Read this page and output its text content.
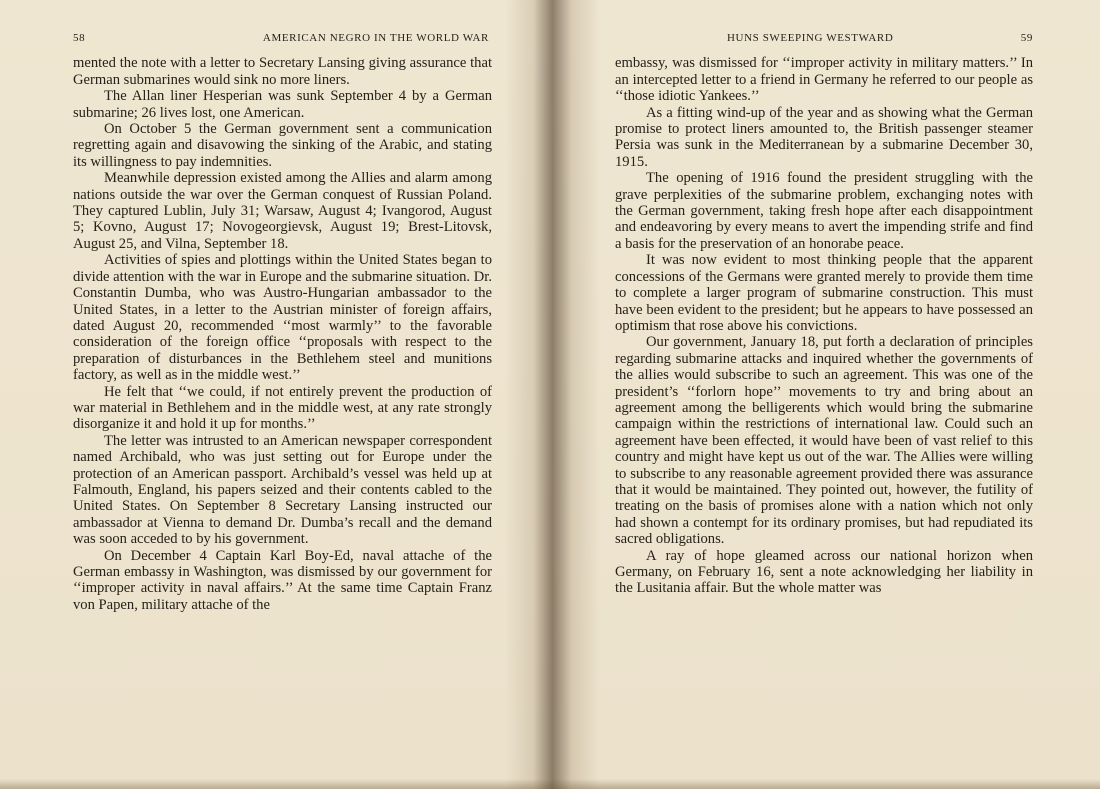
58	AMERICAN NEGRO IN THE WORLD WAR

mented the note with a letter to Secretary Lansing giving assurance that German submarines would sink no more liners.

The Allan liner Hesperian was sunk September 4 by a German submarine; 26 lives lost, one American.

On October 5 the German government sent a communication regretting again and disavowing the sinking of the Arabic, and stating its willingness to pay indemnities.

Meanwhile depression existed among the Allies and alarm among nations outside the war over the German conquest of Russian Poland. They captured Lublin, July 31; Warsaw, August 4; Ivangorod, August 5; Kovno, August 17; Novogeorgievsk, August 19; Brest-Litovsk, August 25, and Vilna, September 18.

Activities of spies and plottings within the United States began to divide attention with the war in Europe and the submarine situation. Dr. Constantin Dumba, who was Austro-Hungarian ambassador to the United States, in a letter to the Austrian minister of foreign affairs, dated August 20, recommended ‘‘most warmly’’ to the favorable consideration of the foreign office ‘‘proposals with respect to the preparation of disturbances in the Bethlehem steel and munitions factory, as well as in the middle west.’’

He felt that ‘‘we could, if not entirely prevent the production of war material in Bethlehem and in the middle west, at any rate strongly disorganize it and hold it up for months.’’

The letter was intrusted to an American newspaper correspondent named Archibald, who was just setting out for Europe under the protection of an American passport. Archibald’s vessel was held up at Falmouth, England, his papers seized and their contents cabled to the United States. On September 8 Secretary Lansing instructed our ambassador at Vienna to demand Dr. Dumba’s recall and the demand was soon acceded to by his government.

On December 4 Captain Karl Boy-Ed, naval attache of the German embassy in Washington, was dismissed by our government for ‘‘improper activity in naval affairs.’’ At the same time Captain Franz von Papen, military attache of the

HUNS SWEEPING WESTWARD	59

embassy, was dismissed for ‘‘improper activity in military matters.’’ In an intercepted letter to a friend in Germany he referred to our people as ‘‘those idiotic Yankees.’’

As a fitting wind-up of the year and as showing what the German promise to protect liners amounted to, the British passenger steamer Persia was sunk in the Mediterranean by a submarine December 30, 1915.

The opening of 1916 found the president struggling with the grave perplexities of the submarine problem, exchanging notes with the German government, taking fresh hope after each disappointment and endeavoring by every means to avert the impending strife and find a basis for the preservation of an honorabe peace.

It was now evident to most thinking people that the apparent concessions of the Germans were granted merely to provide them time to complete a larger program of submarine construction. This must have been evident to the president; but he appears to have possessed an optimism that rose above his convictions.

Our government, January 18, put forth a declaration of principles regarding submarine attacks and inquired whether the governments of the allies would subscribe to such an agreement. This was one of the president’s ‘‘forlorn hope’’ movements to try and bring about an agreement among the belligerents which would bring the submarine campaign within the restrictions of international law. Could such an agreement have been effected, it would have been of vast relief to this country and might have kept us out of the war. The Allies were willing to subscribe to any reasonable agreement provided there was assurance that it would be maintained. They pointed out, however, the futility of treating on the basis of promises alone with a nation which not only had shown a contempt for its ordinary promises, but had repudiated its sacred obligations.

A ray of hope gleamed across our national horizon when Germany, on February 16, sent a note acknowledging her liability in the Lusitania affair. But the whole matter was
